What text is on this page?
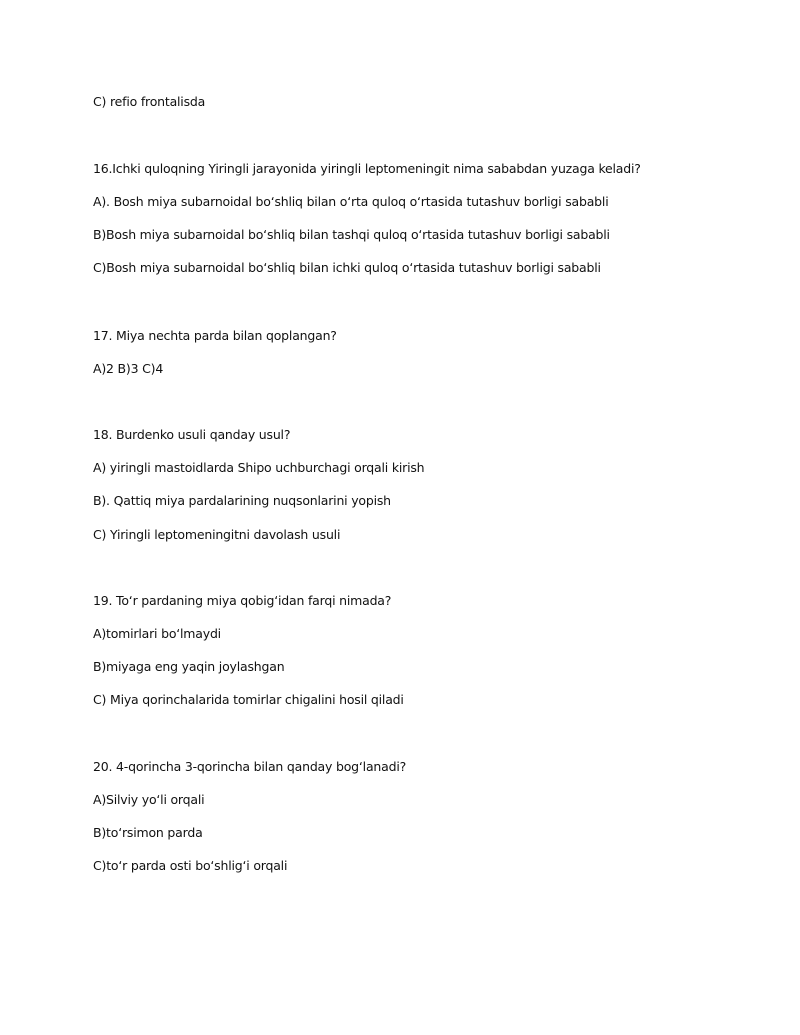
C) refio frontalisda
16.Ichki quloqning Yiringli jarayonida yiringli leptomeningit nima sababdan yuzaga keladi?
A). Bosh miya subarnoidal bo‘shliq bilan o‘rta quloq o‘rtasida tutashuv borligi sababli
B)Bosh miya subarnoidal bo‘shliq bilan tashqi quloq o‘rtasida tutashuv borligi sababli
C)Bosh miya subarnoidal bo‘shliq bilan ichki quloq o‘rtasida tutashuv borligi sababli
17. Miya nechta parda bilan qoplangan?
A)2 B)3 C)4
18. Burdenko usuli qanday usul?
A) yiringli mastoidlarda Shipo uchburchagi orqali kirish
B). Qattiq miya pardalarining nuqsonlarini yopish
C) Yiringli leptomeningitni davolash usuli
19. To‘r pardaning miya qobig‘idan farqi nimada?
A)tomirlari bo‘lmaydi
B)miyaga eng yaqin joylashgan
C) Miya qorinchalarida tomirlar chigalini hosil qiladi
20. 4-qorincha 3-qorincha bilan qanday bog‘lanadi?
A)Silviy yo‘li orqali
B)to‘rsimon parda
C)to‘r parda osti bo‘shlig‘i orqali
